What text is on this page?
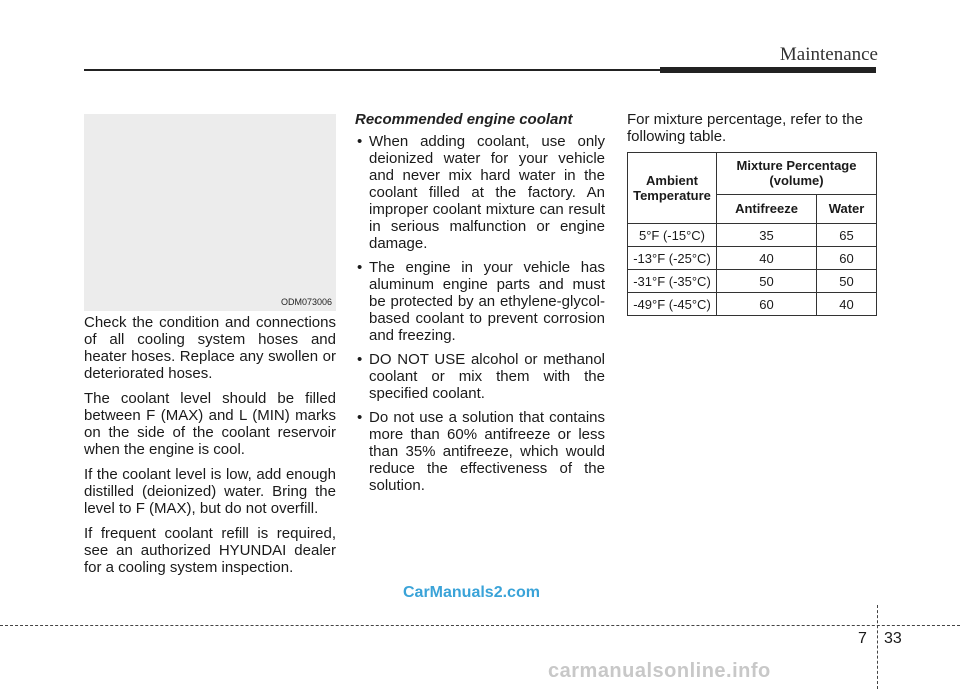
Maintenance
ODM073006

Check the condition and connections of all cooling system hoses and heater hoses. Replace any swollen or deteriorated hoses.

The coolant level should be filled between F (MAX) and L (MIN) marks on the side of the coolant reservoir when the engine is cool.

If the coolant level is low, add enough distilled (deionized) water. Bring the level to F (MAX), but do not overfill.

If frequent coolant refill is required, see an authorized HYUNDAI dealer for a cooling system inspection.

Recommended engine coolant
• When adding coolant, use only deionized water for your vehicle and never mix hard water in the coolant filled at the factory. An improper coolant mixture can result in serious malfunction or engine damage.
• The engine in your vehicle has aluminum engine parts and must be protected by an ethylene-glycol-based coolant to prevent corrosion and freezing.
• DO NOT USE alcohol or methanol coolant or mix them with the specified coolant.
• Do not use a solution that contains more than 60% antifreeze or less than 35% antifreeze, which would reduce the effectiveness of the solution.

For mixture percentage, refer to the following table.

Ambient Temperature	Mixture Percentage (volume)	
	Antifreeze	Water
5°F (-15°C)	35	65
-13°F (-25°C)	40	60
-31°F (-35°C)	50	50
-49°F (-45°C)	60	40
CarManuals2.com
7 33
carmanualsonline.info
